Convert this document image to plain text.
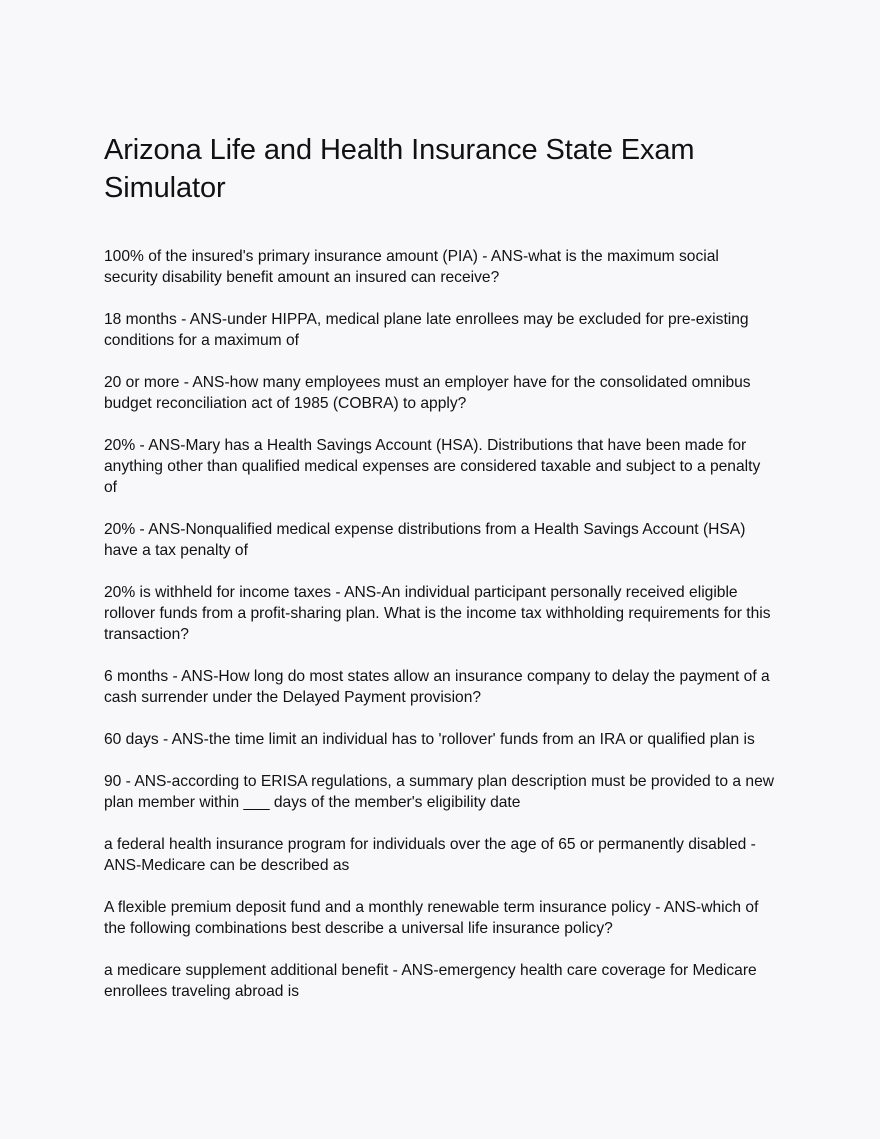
Arizona Life and Health Insurance State Exam Simulator

100% of the insured's primary insurance amount (PIA) - ANS-what is the maximum social security disability benefit amount an insured can receive?

18 months - ANS-under HIPPA, medical plane late enrollees may be excluded for pre-existing conditions for a maximum of

20 or more - ANS-how many employees must an employer have for the consolidated omnibus budget reconciliation act of 1985 (COBRA) to apply?

20% - ANS-Mary has a Health Savings Account (HSA). Distributions that have been made for anything other than qualified medical expenses are considered taxable and subject to a penalty of

20% - ANS-Nonqualified medical expense distributions from a Health Savings Account (HSA) have a tax penalty of

20% is withheld for income taxes - ANS-An individual participant personally received eligible rollover funds from a profit-sharing plan. What is the income tax withholding requirements for this transaction?

6 months - ANS-How long do most states allow an insurance company to delay the payment of a cash surrender under the Delayed Payment provision?

60 days - ANS-the time limit an individual has to 'rollover' funds from an IRA or qualified plan is

90 - ANS-according to ERISA regulations, a summary plan description must be provided to a new plan member within ___ days of the member's eligibility date

a federal health insurance program for individuals over the age of 65 or permanently disabled - ANS-Medicare can be described as

A flexible premium deposit fund and a monthly renewable term insurance policy - ANS-which of the following combinations best describe a universal life insurance policy?

a medicare supplement additional benefit - ANS-emergency health care coverage for Medicare enrollees traveling abroad is
